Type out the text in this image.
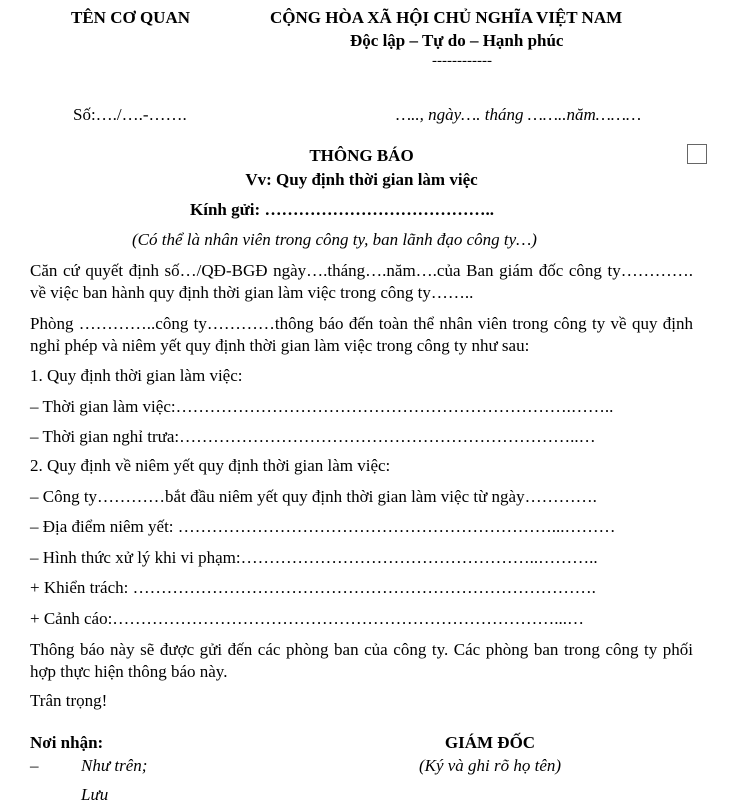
TÊN CƠ QUAN	CỘNG HÒA XÃ HỘI CHỦ NGHĨA VIỆT NAM
Độc lập – Tự do – Hạnh phúc
------------
Số:…./….-…….	….., ngày…. tháng ……..năm………
THÔNG BÁO
Vv: Quy định thời gian làm việc
Kính gửi: …………………………………..
(Có thể là nhân viên trong công ty, ban lãnh đạo công ty…)
Căn cứ quyết định số…/QĐ-BGĐ ngày….tháng….năm….của Ban giám đốc công ty…………. về việc ban hành quy định thời gian làm việc trong công ty……..
Phòng …………..công ty…………thông báo đến toàn thể nhân viên trong công ty về quy định nghỉ phép và niêm yết quy định thời gian làm việc trong công ty như sau:
1. Quy định thời gian làm việc:
– Thời gian làm việc:…………………………………………………………….……..
– Thời gian nghỉ trưa:……………………………………………………………..…
2. Quy định về niêm yết quy định thời gian làm việc:
– Công ty…………bắt đầu niêm yết quy định thời gian làm việc từ ngày………….
– Địa điểm niêm yết: …………………………………………………………...………
– Hình thức xử lý khi vi phạm:……………………………………………..………..
+ Khiển trách: ……………………………………………………………………….
+ Cảnh cáo:……………………………………………………………………...…
Thông báo này sẽ được gửi đến các phòng ban của công ty. Các phòng ban trong công ty phối hợp thực hiện thông báo này.
Trân trọng!
Nơi nhận:
–	Như trên;
Lưu
GIÁM ĐỐC
(Ký và ghi rõ họ tên)
